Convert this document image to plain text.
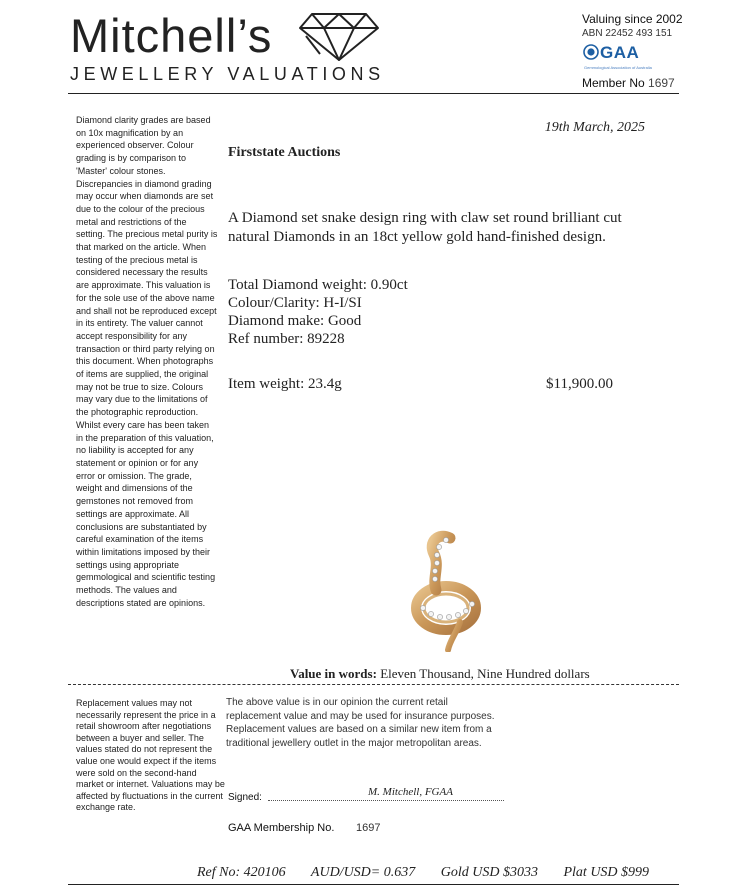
Mitchell’s
JEWELLERY VALUATIONS
Valuing since 2002
ABN 22452 493 151
GAA
Gemmological Association of Australia
Member No 1697
Diamond clarity grades are based on 10x magnification by an experienced observer. Colour grading is by comparison to 'Master' colour stones. Discrepancies in diamond grading may occur when diamonds are set due to the colour of the precious metal and restrictions of the setting. The precious metal purity is that marked on the article. When testing of the precious metal is considered necessary the results are approximate. This valuation is for the sole use of the above name and shall not be reproduced except in its entirety. The valuer cannot accept responsibility for any transaction or third party relying on this document. When photographs of items are supplied, the original may not be true to size. Colours may vary due to the limitations of the photographic reproduction. Whilst every care has been taken in the preparation of this valuation, no liability is accepted for any statement or opinion or for any error or omission. The grade, weight and dimensions of the gemstones not removed from settings are approximate. All conclusions are substantiated by careful examination of the items within limitations imposed by their settings using appropriate gemmological and scientific testing methods. The values and descriptions stated are opinions.
19th March, 2025
Firststate Auctions
A Diamond set snake design ring with claw set round brilliant cut natural Diamonds in an 18ct yellow gold hand-finished design.
Total Diamond weight: 0.90ct
Colour/Clarity: H-I/SI
Diamond make: Good
Ref number: 89228
Item weight: 23.4g	$11,900.00
Value in words: Eleven Thousand, Nine Hundred dollars
Replacement values may not necessarily represent the price in a retail showroom after negotiations between a buyer and seller. The values stated do not represent the value one would expect if the items were sold on the second-hand market or internet. Valuations may be affected by fluctuations in the current exchange rate.
The above value is in our opinion the current retail replacement value and may be used for insurance purposes. Replacement values are based on a similar new item from a traditional jewellery outlet in the major metropolitan areas.
Signed:	M. Mitchell, FGAA
GAA Membership No. 1697
Ref No: 420106 AUD/USD= 0.637 Gold USD $3033 Plat USD $999
